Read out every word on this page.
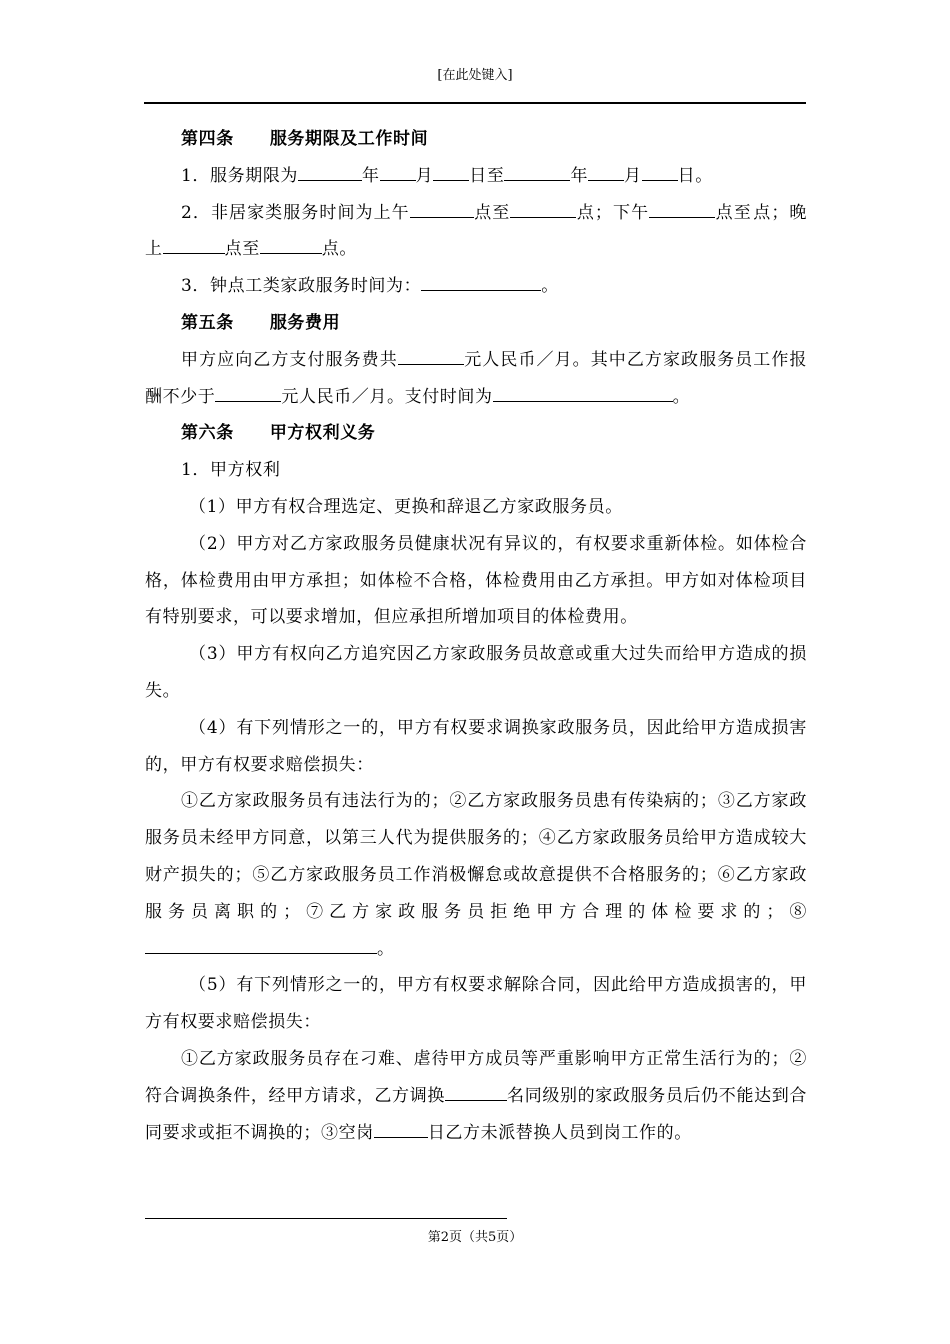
[在此处键入]

第四条 服务期限及工作时间

1．服务期限为	年 月 日至	年 月 日。

2．非居家类服务时间为上午	点至	点；下午	点至点；晚上	点至	点。

3．钟点工类家政服务时间为：	。

第五条 服务费用

甲方应向乙方支付服务费共	元人民币／月。其中乙方家政服务员工作报酬不少于	元人民币／月。支付时间为	。

第六条 甲方权利义务

1．甲方权利

（1）甲方有权合理选定、更换和辞退乙方家政服务员。

（2）甲方对乙方家政服务员健康状况有异议的，有权要求重新体检。如体检合格，体检费用由甲方承担；如体检不合格，体检费用由乙方承担。甲方如对体检项目有特别要求，可以要求增加，但应承担所增加项目的体检费用。

（3）甲方有权向乙方追究因乙方家政服务员故意或重大过失而给甲方造成的损失。

（4）有下列情形之一的，甲方有权要求调换家政服务员，因此给甲方造成损害的，甲方有权要求赔偿损失：

①乙方家政服务员有违法行为的；②乙方家政服务员患有传染病的；③乙方家政服务员未经甲方同意，以第三人代为提供服务的；④乙方家政服务员给甲方造成较大财产损失的；⑤乙方家政服务员工作消极懈怠或故意提供不合格服务的；⑥乙方家政服务员离职的；⑦乙方家政服务员拒绝甲方合理的体检要求的；⑧。

（5）有下列情形之一的，甲方有权要求解除合同，因此给甲方造成损害的，甲方有权要求赔偿损失：

①乙方家政服务员存在刁难、虐待甲方成员等严重影响甲方正常生活行为的；②符合调换条件，经甲方请求，乙方调换	名同级别的家政服务员后仍不能达到合同要求或拒不调换的；③空岗	日乙方未派替换人员到岗工作的。

第2页（共5页）
